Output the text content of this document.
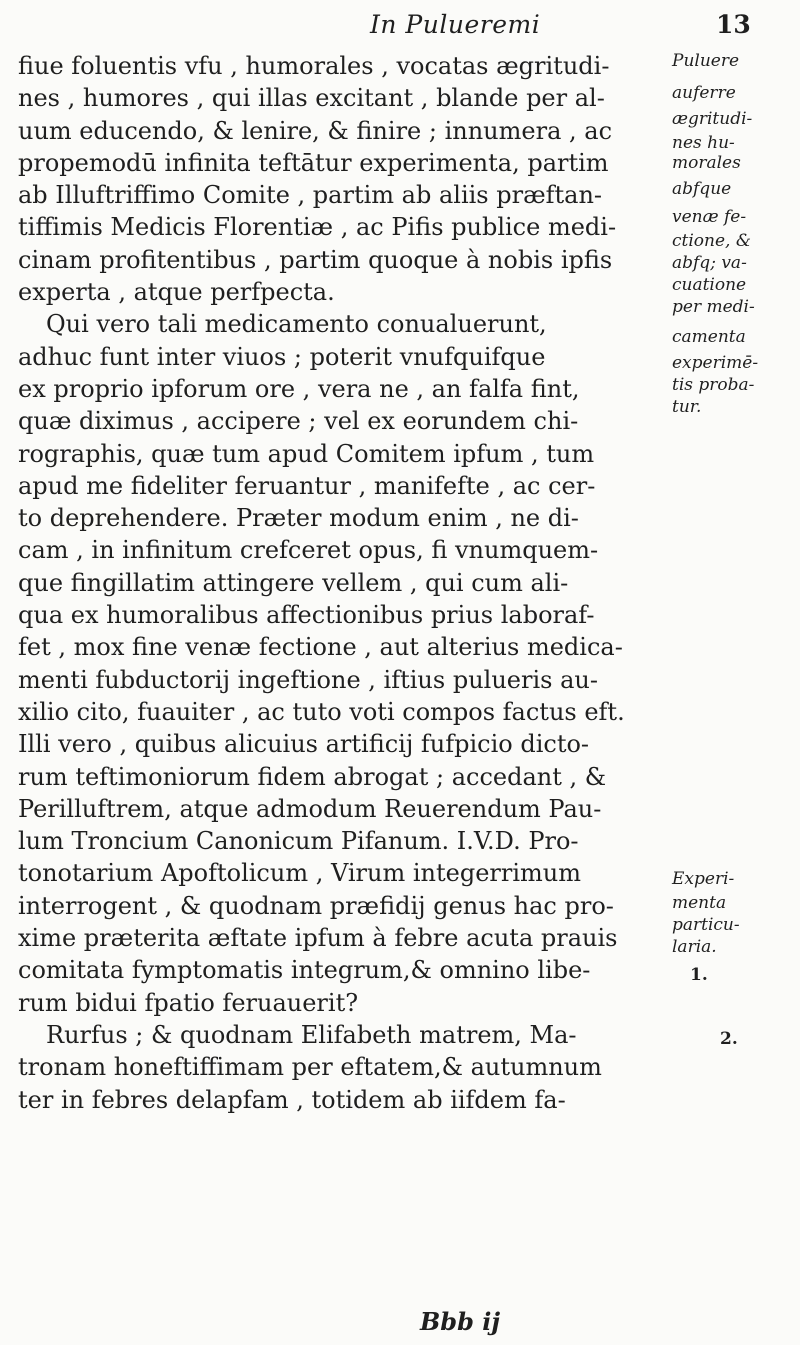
In Pulueremi	13
fiue foluentis vfu , humorales , vocatas ægritudi-
nes , humores , qui illas excitant , blande per al-
uum educendo, & lenire, & finire ; innumera , ac
propemodū infinita teftātur experimenta, partim
ab Illuftriffimo Comite , partim ab aliis præftan-
tiffimis Medicis Florentiæ , ac Pifis publice medi-
cinam profitentibus , partim quoque à nobis ipfis
experta , atque perfpecta.
Qui vero tali medicamento conualuerunt,
adhuc funt inter viuos ; poterit vnufquifque
ex proprio ipforum ore , vera ne , an falfa fint,
quæ diximus , accipere ; vel ex eorundem chi-
rographis, quæ tum apud Comitem ipfum , tum
apud me fideliter feruantur , manifefte , ac cer-
to deprehendere. Præter modum enim , ne di-
cam , in infinitum crefceret opus, fi vnumquem-
que fingillatim attingere vellem , qui cum ali-
qua ex humoralibus affectionibus prius laboraf-
fet , mox fine venæ fectione , aut alterius medica-
menti fubductorij ingeftione , iftius pulueris au-
xilio cito, fuauiter , ac tuto voti compos factus eft.
Illi vero , quibus alicuius artificij fufpicio dicto-
rum teftimoniorum fidem abrogat ; accedant , &
Perilluftrem, atque admodum Reuerendum Pau-
lum Troncium Canonicum Pifanum. I.V.D. Pro-
tonotarium Apoftolicum , Virum integerrimum
interrogent , & quodnam præfidij genus hac pro-
xime præterita æftate ipfum à febre acuta prauis
comitata fymptomatis integrum,& omnino libe-
rum bidui fpatio feruauerit?
Rurfus ; & quodnam Elifabeth matrem, Ma-
tronam honeftiffimam per eftatem,& autumnum
ter in febres delapfam , totidem ab iifdem fa-
Puluere
auferre
ægritudi-
nes hu-
morales
abfque
venæ fe-
ctione, &
abfq; va-
cuatione
per medi-
camenta
experimē-
tis proba-
tur.
Experi-
menta
particu-
laria.
1.
2.
Bbb ij
